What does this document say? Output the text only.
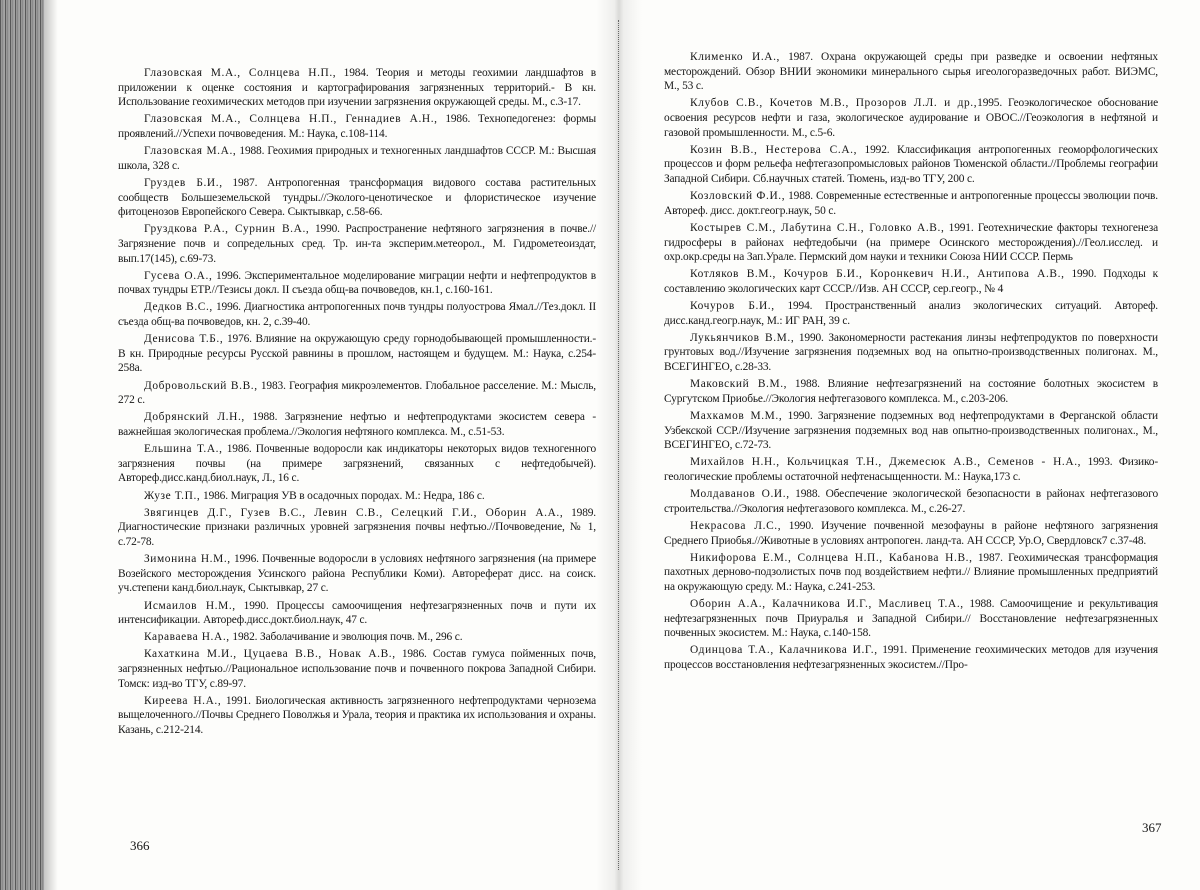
Глазовская М.А., Солнцева Н.П., 1984. Теория и методы геохимии ландшафтов в приложении к оценке состояния и картографирования загрязненных территорий.- В кн. Использование геохимических методов при изучении загрязнения окружающей среды. М., с.3-17.

Глазовская М.А., Солнцева Н.П., Геннадиев А.Н., 1986. Технопедогенез: формы проявлений.//Успехи почвоведения. М.: Наука, с.108-114.

Глазовская М.А., 1988. Геохимия природных и техногенных ландшафтов СССР. М.: Высшая школа, 328 с.

Груздев Б.И., 1987. Антропогенная трансформация видового состава растительных сообществ Большеземельской тундры.//Эколого-ценотическое и флористическое изучение фитоценозов Европейского Севера. Сыктывкар, с.58-66.

Груздкова Р.А., Сурнин В.А., 1990. Распространение нефтяного загрязнения в почве.//Загрязнение почв и сопредельных сред. Тр. ин-та эксперим.метеорол., М. Гидрометеоиздат, вып.17(145), с.69-73.

Гусева О.А., 1996. Экспериментальное моделирование миграции нефти и нефтепродуктов в почвах тундры ЕТР.//Тезисы докл. II съезда общ-ва почвоведов, кн.1, с.160-161.

Дедков В.С., 1996. Диагностика антропогенных почв тундры полуострова Ямал.//Тез.докл. II съезда общ-ва почвоведов, кн. 2, с.39-40.

Денисова Т.Б., 1976. Влияние на окружающую среду горнодобывающей промышленности.- В кн. Природные ресурсы Русской равнины в прошлом, настоящем и будущем. М.: Наука, с.254-258а.

Добровольский В.В., 1983. География микроэлементов. Глобальное расселение. М.: Мысль, 272 с.

Добрянский Л.Н., 1988. Загрязнение нефтью и нефтепродуктами экосистем севера - важнейшая экологическая проблема.//Экология нефтяного комплекса. М., с.51-53.

Ельшина Т.А., 1986. Почвенные водоросли как индикаторы некоторых видов техногенного загрязнения почвы (на примере загрязнений, связанных с нефтедобычей). Автореф.дисс.канд.биол.наук, Л., 16 с.

Жузе Т.П., 1986. Миграция УВ в осадочных породах. М.: Недра, 186 с.

Звягинцев Д.Г., Гузев В.С., Левин С.В., Селецкий Г.И., Оборин А.А., 1989. Диагностические признаки различных уровней загрязнения почвы нефтью.//Почвоведение, № 1, с.72-78.

Зимонина Н.М., 1996. Почвенные водоросли в условиях нефтяного загрязнения (на примере Возейского месторождения Усинского района Республики Коми). Автореферат дисс. на соиск. уч.степени канд.биол.наук, Сыктывкар, 27 с.

Исмаилов Н.М., 1990. Процессы самоочищения нефтезагрязненных почв и пути их интенсификации. Автореф.дисс.докт.биол.наук, 47 с.

Караваева Н.А., 1982. Заболачивание и эволюция почв. М., 296 с.

Кахаткина М.И., Цуцаева В.В., Новак А.В., 1986. Состав гумуса пойменных почв, загрязненных нефтью.//Рациональное использование почв и почвенного покрова Западной Сибири. Томск: изд-во ТГУ, с.89-97.

Киреева Н.А., 1991. Биологическая активность загрязненного нефтепродуктами чернозема выщелоченного.//Почвы Среднего Поволжья и Урала, теория и практика их использования и охраны. Казань, с.212-214.

366

Клименко И.А., 1987. Охрана окружающей среды при разведке и освоении нефтяных месторождений. Обзор ВНИИ экономики минерального сырья игеологоразведочных работ. ВИЭМС, М., 53 с.

Клубов С.В., Кочетов М.В., Прозоров Л.Л. и др.,1995. Геоэкологическое обоснование освоения ресурсов нефти и газа, экологическое аудирование и ОВОС.//Геоэкология в нефтяной и газовой промышленности. М., с.5-6.

Козин В.В., Нестерова С.А., 1992. Классификация антропогенных геоморфологических процессов и форм рельефа нефтегазопромысловых районов Тюменской области.//Проблемы географии Западной Сибири. Сб.научных статей. Тюмень, изд-во ТГУ, 200 с.

Козловский Ф.И., 1988. Современные естественные и антропогенные процессы эволюции почв. Автореф. дисс. докт.геогр.наук, 50 с.

Костырев С.М., Лабутина С.Н., Головко А.В., 1991. Геотехнические факторы техногенеза гидросферы в районах нефтедобычи (на примере Осинского месторождения).//Геол.исслед. и охр.окр.среды на Зап.Урале. Пермский дом науки и техники Союза НИИ СССР. Пермь

Котляков В.М., Кочуров Б.И., Коронкевич Н.И., Антипова А.В., 1990. Подходы к составлению экологических карт СССР.//Изв. АН СССР, сер.геогр., № 4

Кочуров Б.И., 1994. Пространственный анализ экологических ситуаций. Автореф. дисс.канд.геогр.наук, М.: ИГ РАН, 39 с.

Лукьянчиков В.М., 1990. Закономерности растекания линзы нефтепродуктов по поверхности грунтовых вод.//Изучение загрязнения подземных вод на опытно-производственных полигонах. М., ВСЕГИНГЕО, с.28-33.

Маковский В.М., 1988. Влияние нефтезагрязнений на состояние болотных экосистем в Сургутском Приобье.//Экология нефтегазового комплекса. М., с.203-206.

Махкамов М.М., 1990. Загрязнение подземных вод нефтепродуктами в Ферганской области Узбекской ССР.//Изучение загрязнения подземных вод нав опытно-производственных полигонах., М., ВСЕГИНГЕО, с.72-73.

Михайлов Н.Н., Кольчицкая Т.Н., Джемесюк А.В., Семенов - Н.А., 1993. Физико-геологические проблемы остаточной нефтенасыщенности. М.: Наука,173 с.

Молдаванов О.И., 1988. Обеспечение экологической безопасности в районах нефтегазового строительства.//Экология нефтегазового комплекса. М., с.26-27.

Некрасова Л.С., 1990. Изучение почвенной мезофауны в районе нефтяного загрязнения Среднего Приобья.//Животные в условиях антропоген. ланд-та. АН СССР, Ур.О, Свердловск7 с.37-48.

Никифорова Е.М., Солнцева Н.П., Кабанова Н.В., 1987. Геохимическая трансформация пахотных дерново-подзолистых почв под воздействием нефти.// Влияние промышленных предприятий на окружающую среду. М.: Наука, с.241-253.

Оборин А.А., Калачникова И.Г., Масливец Т.А., 1988. Самоочищение и рекультивация нефтезагрязненных почв Приуралья и Западной Сибири.// Восстановление нефтезагрязненных почвенных экосистем. М.: Наука, с.140-158.

Одинцова Т.А., Калачникова И.Г., 1991. Применение геохимических методов для изучения процессов восстановления нефтезагрязненных экосистем.//Про-

367
